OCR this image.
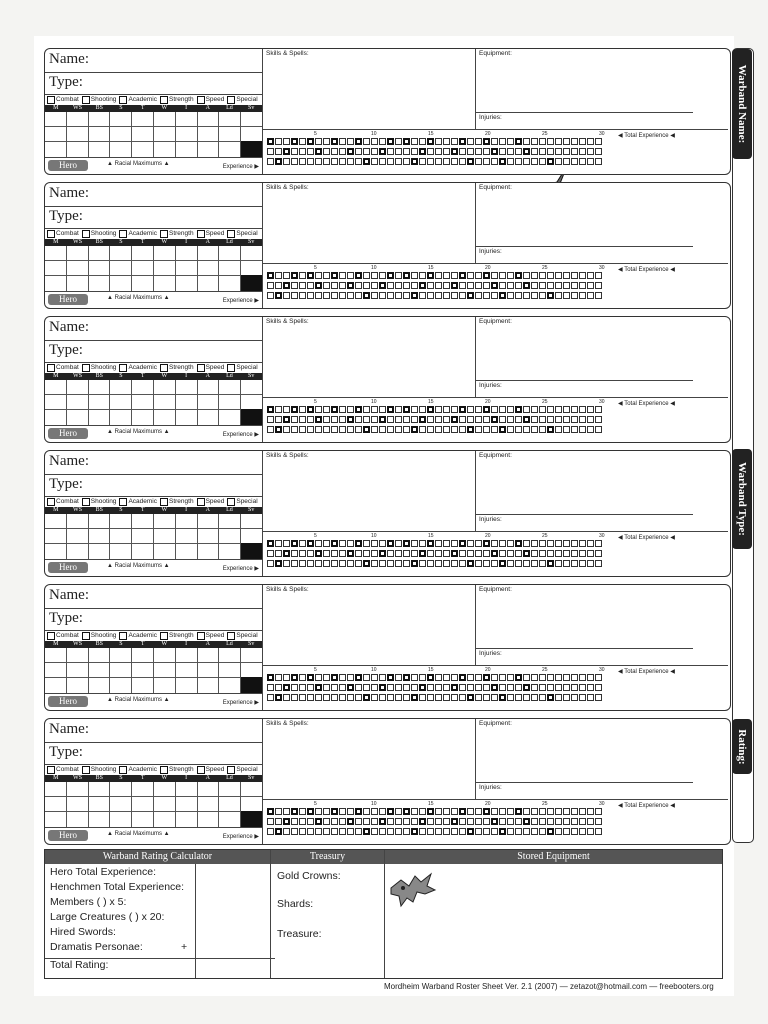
Warband Name:
Warband Type:
Rating:
Warband Rating Calculator	Treasury	Stored Equipment
Hero Total Experience:
Henchmen Total Experience:
Members ( ) x 5:
Large Creatures ( ) x 20:
Hired Swords:
Dramatis Personae:	+
Total Rating:
Gold Crowns:
Shards:
Treasure:
Mordheim Warband Roster Sheet Ver. 2.1 (2007) — zetazot@hotmail.com — freebooters.org
Name:
Type:
Combat Shooting Academic Strength Speed Special
M	WS	BS	S	T	W	I	A	Ld	Sv
Hero	▲ Racial Maximums ▲	Experience ▶
Skills & Spells:	Equipment:
Injuries:
5	10	15	20	25	30 ◀ Total Experience ◀
Name:
Type:
Combat Shooting Academic Strength Speed Special
M	WS	BS	S	T	W	I	A	Ld	Sv
Hero	▲ Racial Maximums ▲	Experience ▶
Skills & Spells:	Equipment:
Injuries:
5	10	15	20	25	30 ◀ Total Experience ◀
Name:
Type:
Combat Shooting Academic Strength Speed Special
M	WS	BS	S	T	W	I	A	Ld	Sv
Hero	▲ Racial Maximums ▲	Experience ▶
Skills & Spells:	Equipment:
Injuries:
5	10	15	20	25	30 ◀ Total Experience ◀
Name:
Type:
Combat Shooting Academic Strength Speed Special
M	WS	BS	S	T	W	I	A	Ld	Sv
Hero	▲ Racial Maximums ▲	Experience ▶
Skills & Spells:	Equipment:
Injuries:
5	10	15	20	25	30 ◀ Total Experience ◀
Name:
Type:
Combat Shooting Academic Strength Speed Special
M	WS	BS	S	T	W	I	A	Ld	Sv
Hero	▲ Racial Maximums ▲	Experience ▶
Skills & Spells:	Equipment:
Injuries:
5	10	15	20	25	30 ◀ Total Experience ◀
Name:
Type:
Combat Shooting Academic Strength Speed Special
M	WS	BS	S	T	W	I	A	Ld	Sv
Hero	▲ Racial Maximums ▲	Experience ▶
Skills & Spells:	Equipment:
Injuries:
5	10	15	20	25	30 ◀ Total Experience ◀
